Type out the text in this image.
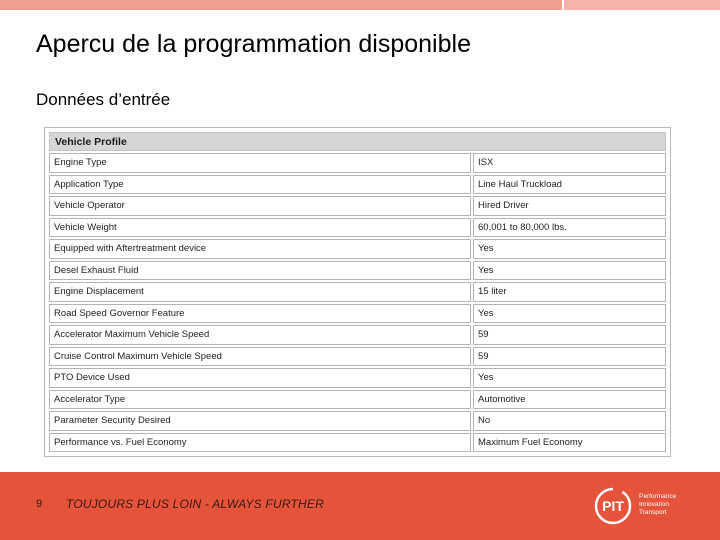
Apercu de la programmation disponible
Données d’entrée
Vehicle Profile	
Engine Type	ISX
Application Type	Line Haul Truckload
Vehicle Operator	Hired Driver
Vehicle Weight	60,001 to 80,000 lbs.
Equipped with Aftertreatment device	Yes
Desel Exhaust Fluid	Yes
Engine Displacement	15 liter
Road Speed Governor Feature	Yes
Accelerator Maximum Vehicle Speed	59
Cruise Control Maximum Vehicle Speed	59
PTO Device Used	Yes
Accelerator Type	Automotive
Parameter Security Desired	No
Performance vs. Fuel Economy	Maximum Fuel Economy
9 TOUJOURS PLUS LOIN - ALWAYS FURTHER	PIT
Performance
Innovation
Transport
